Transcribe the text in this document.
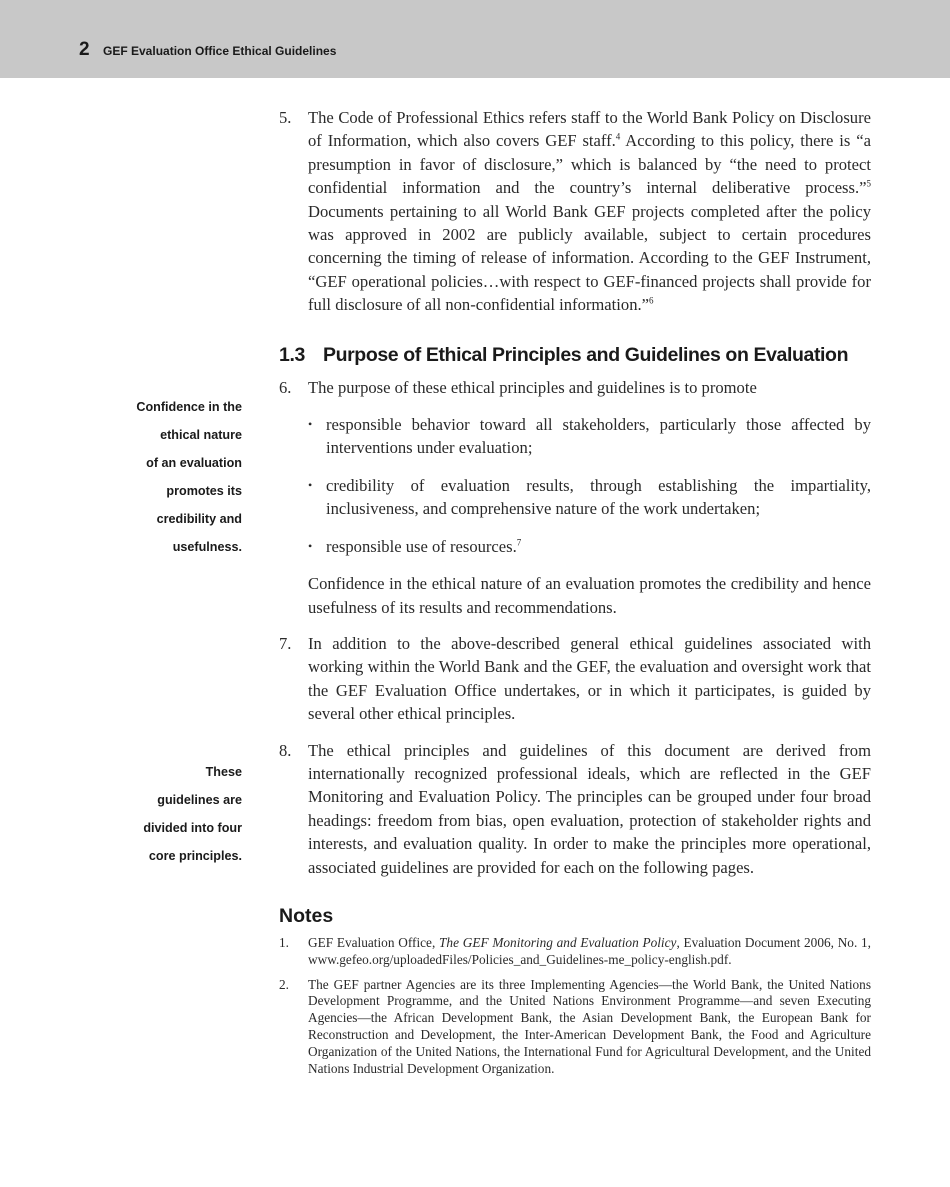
2 GEF Evaluation Office Ethical Guidelines
Confidence in the
ethical nature
of an evaluation
promotes its
credibility and
usefulness.
These
guidelines are
divided into four
core principles.

5. The Code of Professional Ethics refers staff to the World Bank Policy on Disclosure of Information, which also covers GEF staff.$^4$ According to this policy, there is “a presumption in favor of disclosure,” which is balanced by “the need to protect confidential information and the country’s internal deliberative process.”$^5$ Documents pertaining to all World Bank GEF projects completed after the policy was approved in 2002 are publicly available, subject to certain procedures concerning the timing of release of information. According to the GEF Instrument, “GEF operational policies…with respect to GEF-financed projects shall provide for full disclosure of all non-confidential information.”$^6$

1.3 Purpose of Ethical Principles and Guidelines on Evaluation

6. The purpose of these ethical principles and guidelines is to promote

• responsible behavior toward all stakeholders, particularly those affected by interventions under evaluation;
• credibility of evaluation results, through establishing the impartiality, inclusiveness, and comprehensive nature of the work undertaken;
• responsible use of resources.$^7$

Confidence in the ethical nature of an evaluation promotes the credibility and hence usefulness of its results and recommendations.

7. In addition to the above-described general ethical guidelines associated with working within the World Bank and the GEF, the evaluation and oversight work that the GEF Evaluation Office undertakes, or in which it participates, is guided by several other ethical principles.

8. The ethical principles and guidelines of this document are derived from internationally recognized professional ideals, which are reflected in the GEF Monitoring and Evaluation Policy. The principles can be grouped under four broad headings: freedom from bias, open evaluation, protection of stakeholder rights and interests, and evaluation quality. In order to make the principles more operational, associated guidelines are provided for each on the following pages.

Notes
1. GEF Evaluation Office, The GEF Monitoring and Evaluation Policy, Evaluation Document 2006, No. 1, www.gefeo.org/uploadedFiles/Policies_and_Guidelines-me_policy-english.pdf.
2. The GEF partner Agencies are its three Implementing Agencies—the World Bank, the United Nations Development Programme, and the United Nations Environment Programme—and seven Executing Agencies—the African Development Bank, the Asian Development Bank, the European Bank for Reconstruction and Development, the Inter-American Development Bank, the Food and Agriculture Organization of the United Nations, the International Fund for Agricultural Development, and the United Nations Industrial Development Organization.
